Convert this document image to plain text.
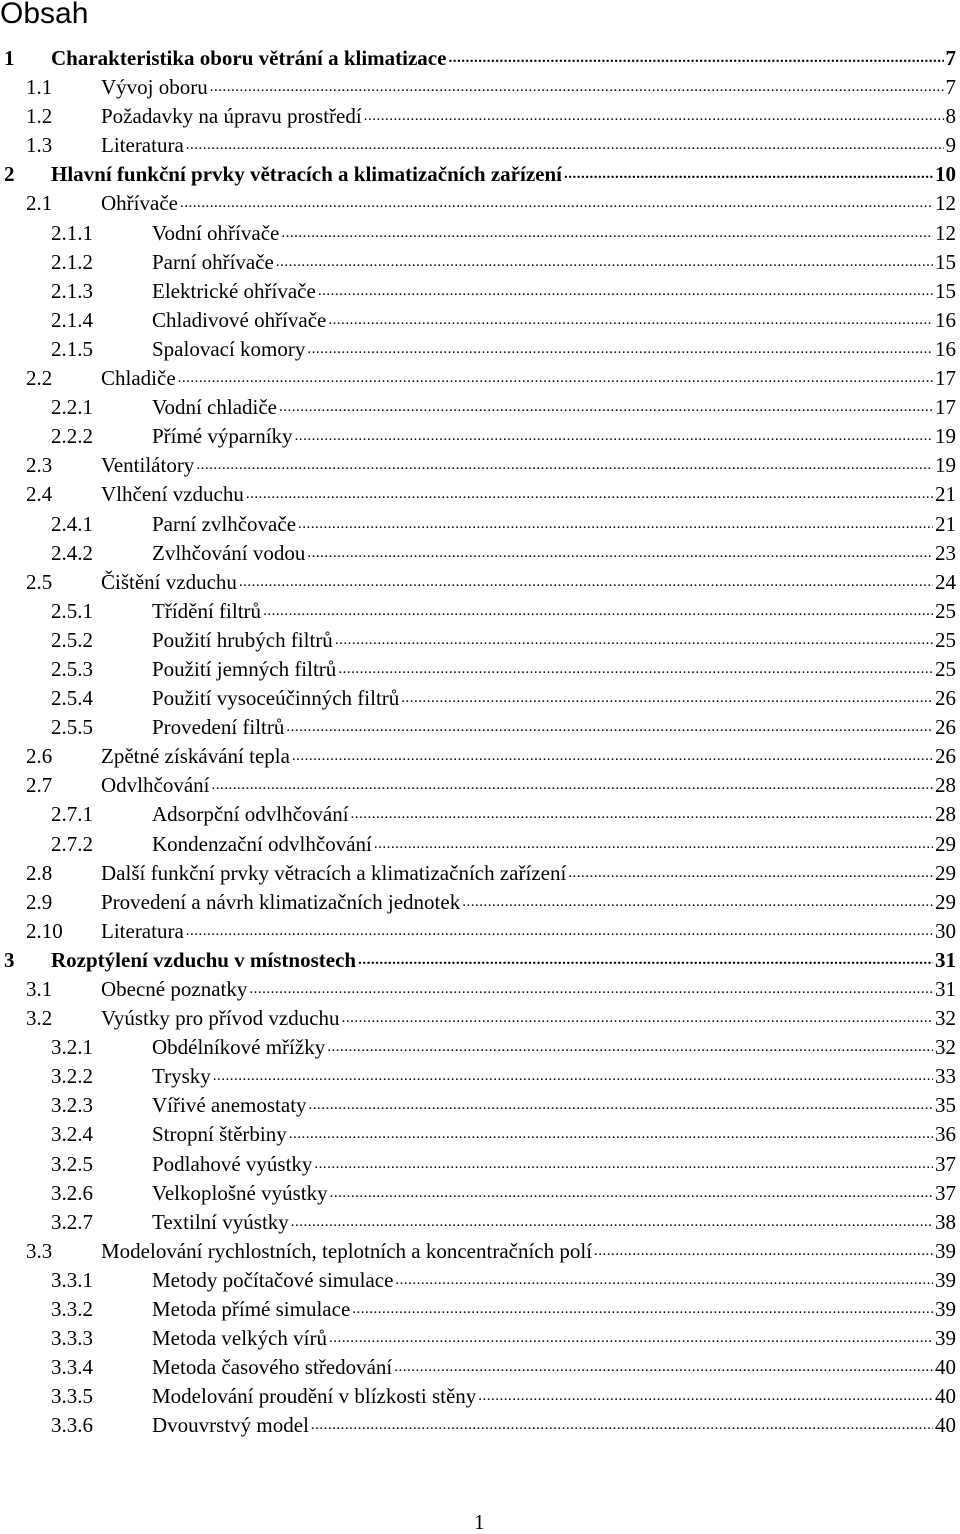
Obsah
1 Charakteristika oboru větrání a klimatizace .....	7
1.1 Vývoj oboru .....	7
1.2 Požadavky na úpravu prostředí .....	8
1.3 Literatura .....	9
2 Hlavní funkční prvky větracích a klimatizačních zařízení .....	10
2.1 Ohřívače .....	12
2.1.1	Vodní ohřívače .....	12
2.1.2	Parní ohřívače .....	15
2.1.3	Elektrické ohřívače .....	15
2.1.4	Chladivové ohřívače .....	16
2.1.5	Spalovací komory .....	16
2.2 Chladiče .....	17
2.2.1	Vodní chladiče .....	17
2.2.2	Přímé výparníky .....	19
2.3 Ventilátory .....	19
2.4 Vlhčení vzduchu .....	21
2.4.1	Parní zvlhčovače .....	21
2.4.2	Zvlhčování vodou .....	23
2.5 Čištění vzduchu .....	24
2.5.1	Třídění filtrů .....	25
2.5.2	Použití hrubých filtrů .....	25
2.5.3	Použití jemných filtrů .....	25
2.5.4	Použití vysoceúčinných filtrů .....	26
2.5.5	Provedení filtrů .....	26
2.6 Zpětné získávání tepla .....	26
2.7 Odvlhčování .....	28
2.7.1	Adsorpční odvlhčování .....	28
2.7.2	Kondenzační odvlhčování .....	29
2.8 Další funkční prvky větracích a klimatizačních zařízení .....	29
2.9 Provedení a návrh klimatizačních jednotek .....	29
2.10 Literatura .....	30
3 Rozptýlení vzduchu v místnostech .....	31
3.1 Obecné poznatky .....	31
3.2 Vyústky pro přívod vzduchu .....	32
3.2.1	Obdélníkové mřížky .....	32
3.2.2	Trysky .....	33
3.2.3	Vířivé anemostaty .....	35
3.2.4	Stropní štěrbiny .....	36
3.2.5	Podlahové vyústky .....	37
3.2.6	Velkoplošné vyústky .....	37
3.2.7	Textilní vyústky .....	38
3.3 Modelování rychlostních, teplotních a koncentračních polí .....	39
3.3.1	Metody počítačové simulace .....	39
3.3.2	Metoda přímé simulace .....	39
3.3.3	Metoda velkých vírů .....	39
3.3.4	Metoda časového středování .....	40
3.3.5	Modelování proudění v blízkosti stěny .....	40
3.3.6	Dvouvrstvý model .....	40
1
